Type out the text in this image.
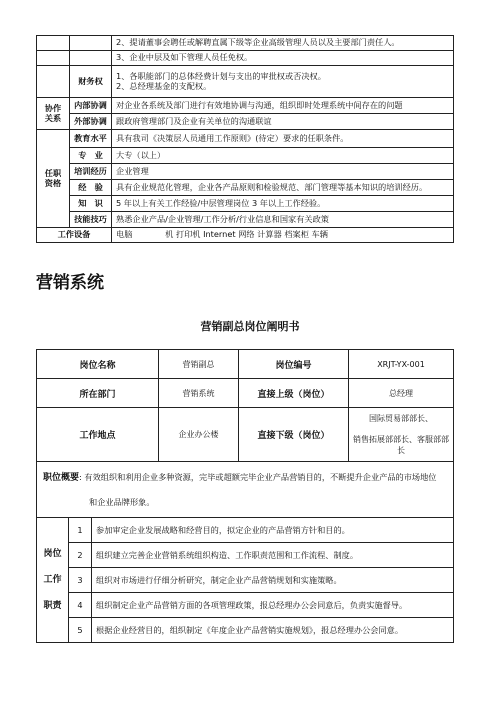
		2、提请董事会聘任或解聘直属下级等企业高级管理人员以及主要部门责任人。
		3、企业中层及如下管理人员任免权。
	财务权	1、各职能部门的总体经费计划与支出的审批权或否决权。
2、总经理基金的支配权。

协作关系	内部协调	对企业各系统及部门进行有效地协调与沟通，组织即时处理系统中间存在的问题
	外部协调	跟政府管理部门及企业有关单位的沟通联谊
任职资格	教育水平	具有我司《决策层人员通用工作原则》(待定）要求的任职条件。
	专　业	大专（以上）
	培训经历	企业管理
	经　验	具有企业规范化管理，企业各产品原则和检验规范、部门管理等基本知识的培训经历。
	知　识	5 年以上有关工作经验/中层管理岗位 3 年以上工作经验。
	技能技巧	熟悉企业产品/企业管理/工作分析/行业信息和国家有关政策
工作设备		电脑　　　　机 打印机 Internet 网络 计算器 档案柜 车辆
营销系统
营销副总岗位阐明书
岗位名称			营销副总	岗位编号	XRJT-YX-001
所在部门			营销系统	直接上级（岗位）	总经理
工作地点			企业办公楼	直接下级（岗位）	国际贸易部部长、
销售拓展部部长、客服部部长

职位概要: 有效组织和利用企业多种资源，完毕或超额完毕企业产品营销目的，不断提升企业产品的市场地位
和企业品牌形象。					

岗位
工作
职责	1	参加审定企业发展战略和经营目的，拟定企业的产品营销方针和目的。			
	2	组织建立完善企业营销系统组织构造、工作职责范围和工作流程、制度。			
	3	组织对市场进行仔细分析研究，制定企业产品营销规划和实施策略。			
	4	组织制定企业产品营销方面的各项管理政策，报总经理办公会同意后，负责实施督导。			
	5	根据企业经营目的，组织制定《年度企业产品营销实施规划》，报总经理办公会同意。			
